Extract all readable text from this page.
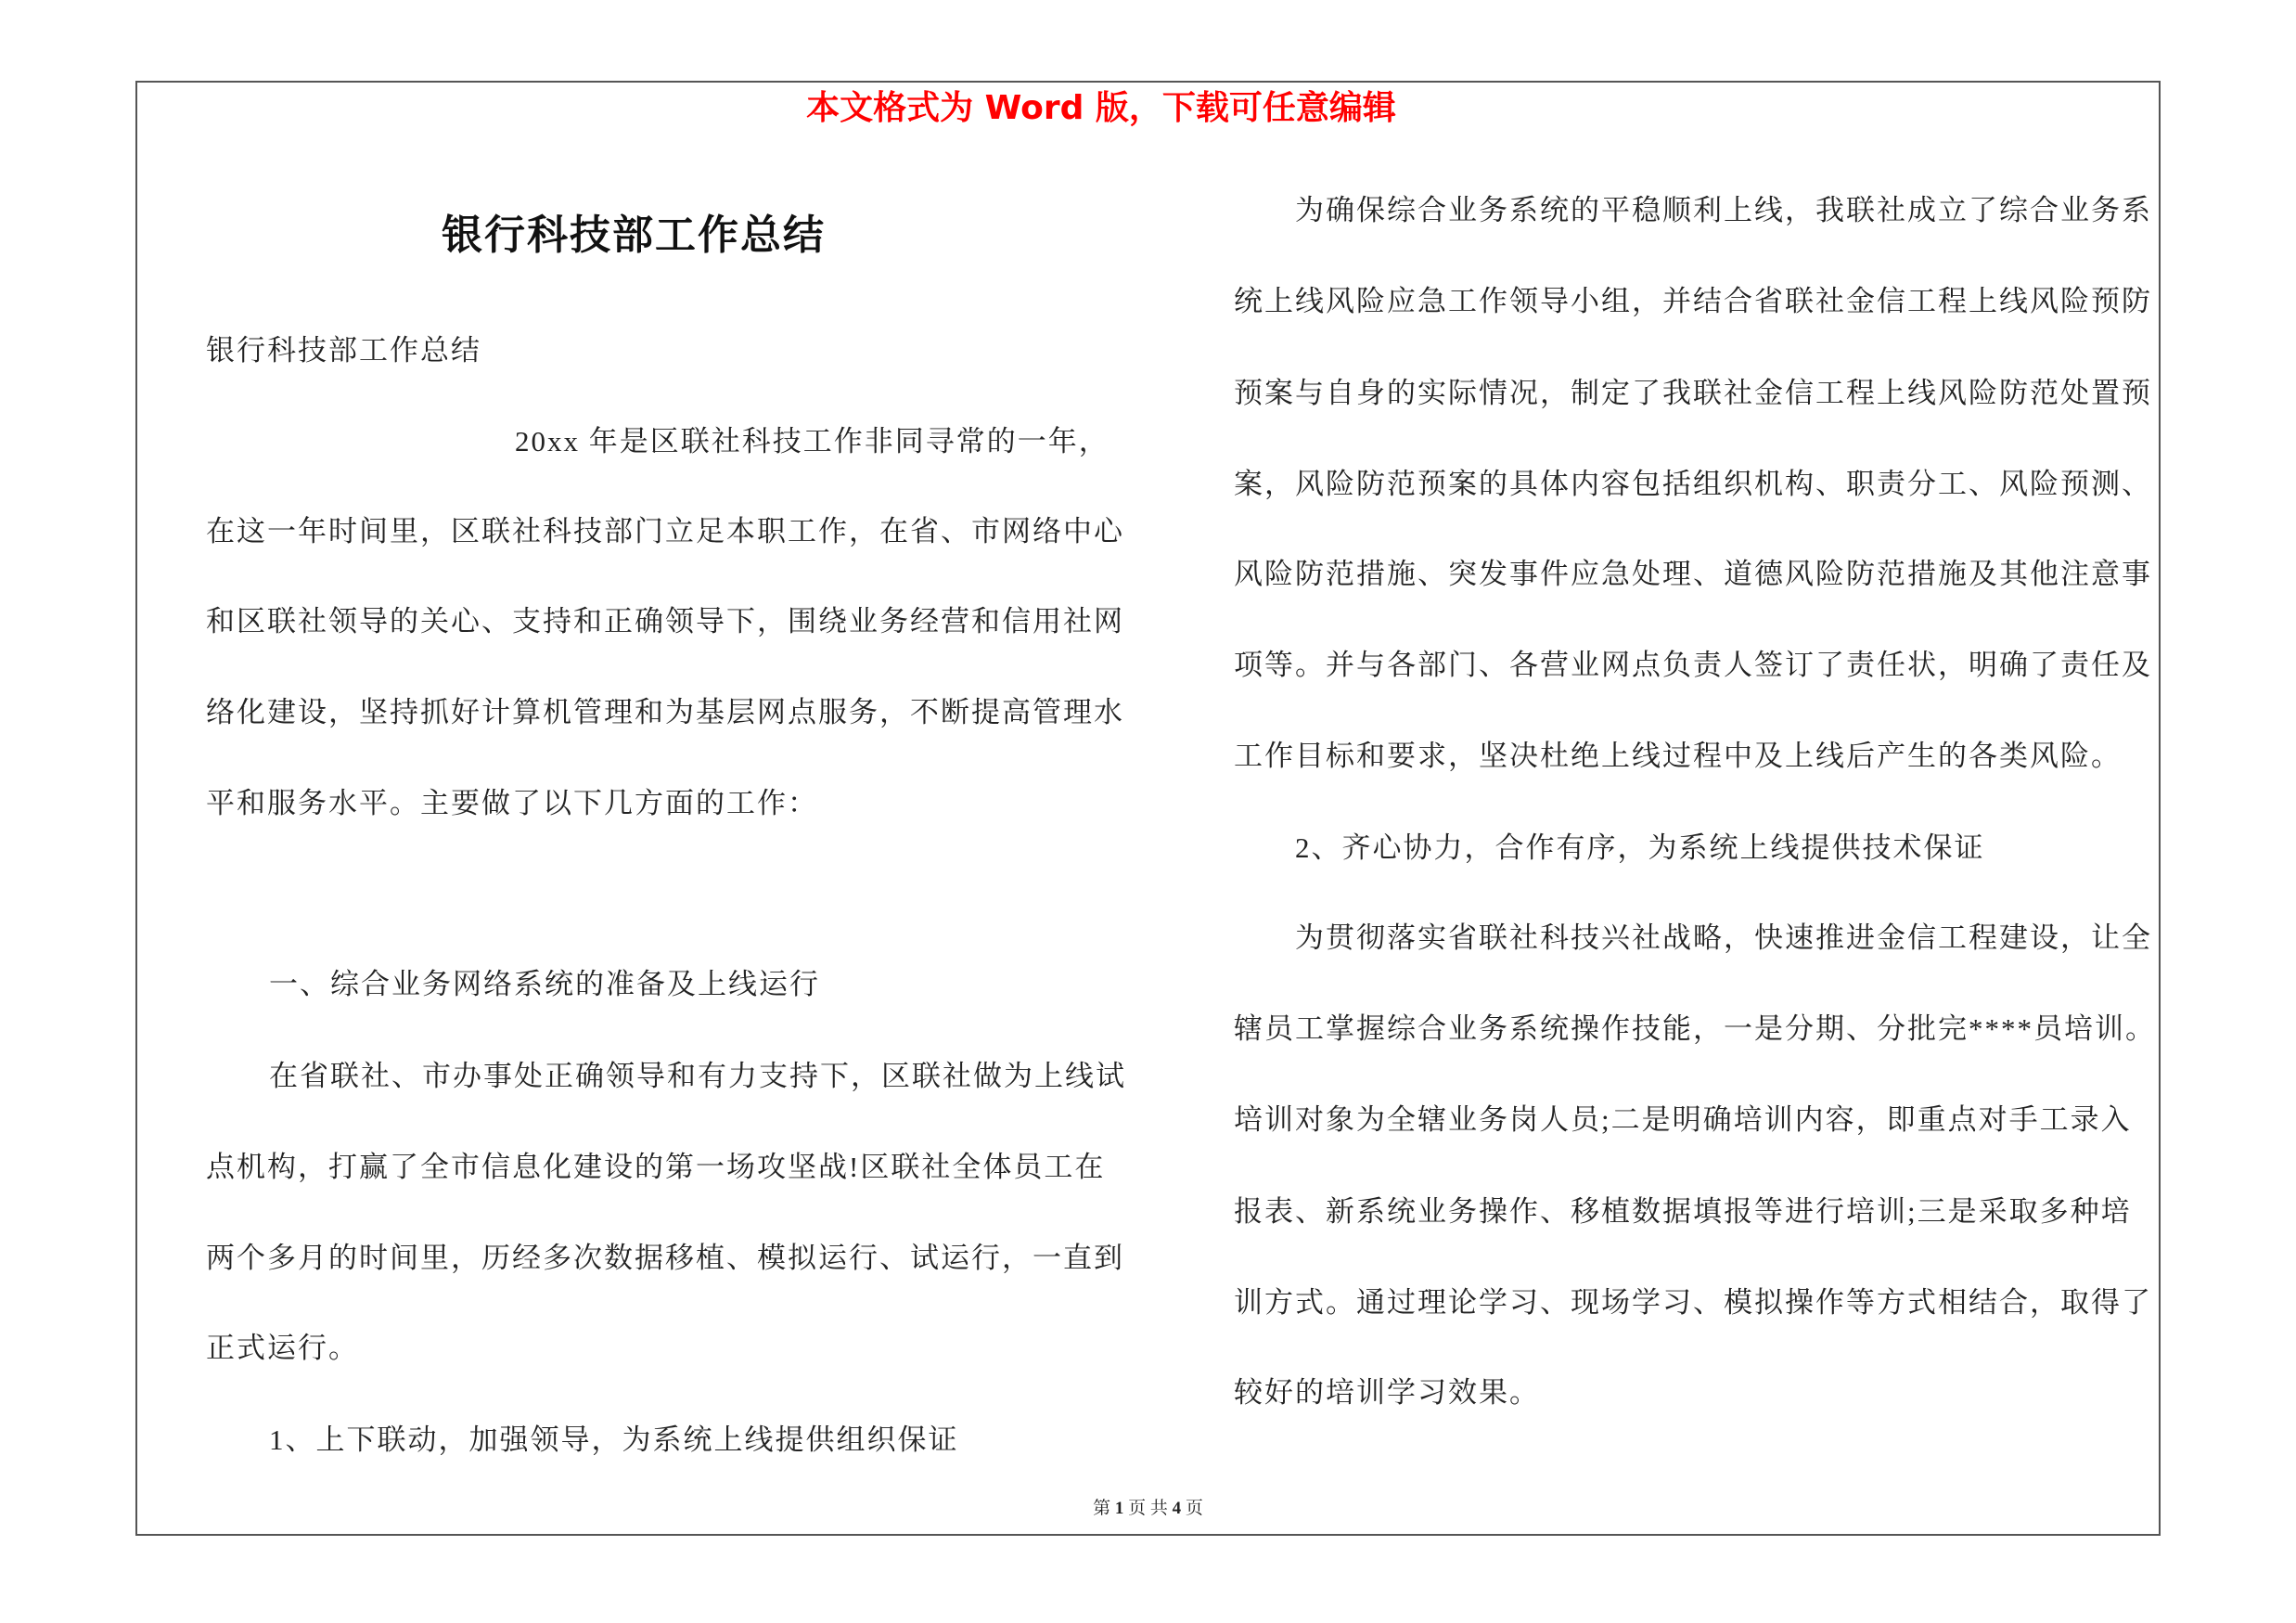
本文格式为 Word 版，下载可任意编辑
银行科技部工作总结
银行科技部工作总结
20xx 年是区联社科技工作非同寻常的一年，
在这一年时间里，区联社科技部门立足本职工作，在省、市网络中心
和区联社领导的关心、支持和正确领导下，围绕业务经营和信用社网
络化建设，坚持抓好计算机管理和为基层网点服务，不断提高管理水
平和服务水平。主要做了以下几方面的工作：
一、综合业务网络系统的准备及上线运行
在省联社、市办事处正确领导和有力支持下，区联社做为上线试
点机构，打赢了全市信息化建设的第一场攻坚战!区联社全体员工在
两个多月的时间里，历经多次数据移植、模拟运行、试运行，一直到
正式运行。
1、上下联动，加强领导，为系统上线提供组织保证
为确保综合业务系统的平稳顺利上线，我联社成立了综合业务系
统上线风险应急工作领导小组，并结合省联社金信工程上线风险预防
预案与自身的实际情况，制定了我联社金信工程上线风险防范处置预
案，风险防范预案的具体内容包括组织机构、职责分工、风险预测、
风险防范措施、突发事件应急处理、道德风险防范措施及其他注意事
项等。并与各部门、各营业网点负责人签订了责任状，明确了责任及
工作目标和要求，坚决杜绝上线过程中及上线后产生的各类风险。
2、齐心协力，合作有序，为系统上线提供技术保证
为贯彻落实省联社科技兴社战略，快速推进金信工程建设，让全
辖员工掌握综合业务系统操作技能，一是分期、分批完****员培训。
培训对象为全辖业务岗人员;二是明确培训内容，即重点对手工录入
报表、新系统业务操作、移植数据填报等进行培训;三是采取多种培
训方式。通过理论学习、现场学习、模拟操作等方式相结合，取得了
较好的培训学习效果。
第 1 页 共 4 页
